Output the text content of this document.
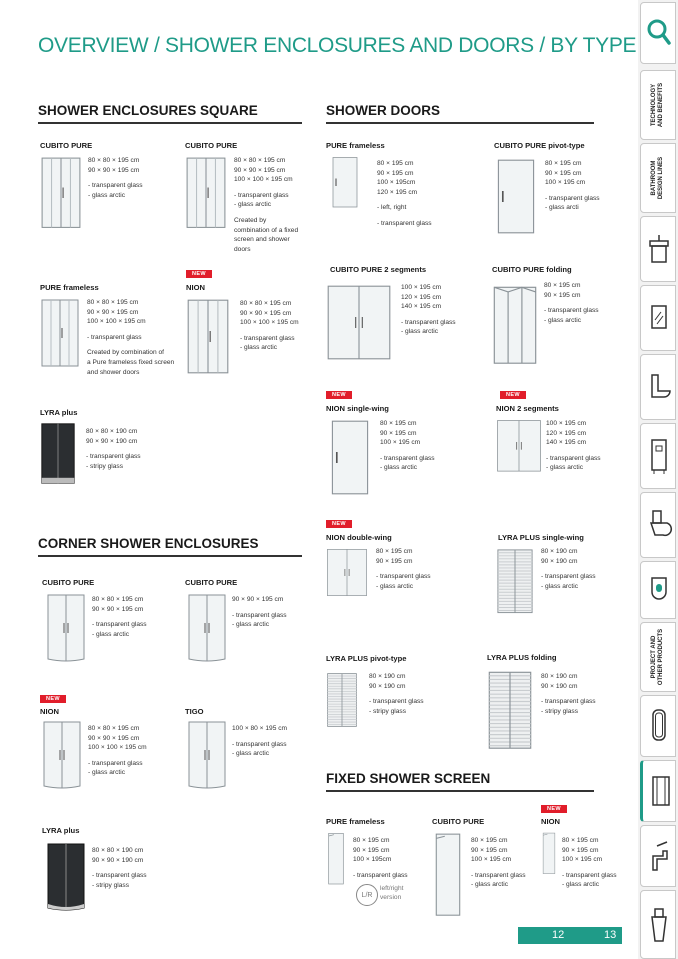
OVERVIEW / SHOWER ENCLOSURES AND DOORS / BY TYPE
SHOWER ENCLOSURES SQUARE	SHOWER DOORS
CORNER SHOWER ENCLOSURES
FIXED SHOWER SCREEN
CUBITO PURE

80 × 80 × 195 cm

90 × 90 × 195 cm

- transparent glass

- glass arctic

CUBITO PURE

80 × 80 × 195 cm

90 × 90 × 195 cm

100 × 100 × 195 cm

- transparent glass

- glass arctic

Created by

combination of a fixed

screen and shower

doors

PURE frameless

80 × 80 × 195 cm

90 × 90 × 195 cm

100 × 100 × 195 cm

- transparent glass

Created by combination of

a Pure frameless fixed screen

and shower doors

NEW
NION

80 × 80 × 195 cm

90 × 90 × 195 cm

100 × 100 × 195 cm

- transparent glass

- glass arctic

LYRA plus

80 × 80 × 190 cm

90 × 90 × 190 cm

- transparent glass

- stripy glass

PURE frameless

80 × 195 cm

90 × 195 cm

100 × 195cm

120 × 195 cm

- left, right

- transparent glass

CUBITO PURE pivot-type

80 × 195 cm

90 × 195 cm

100 × 195 cm

- transparent glass

- glass arcti

CUBITO PURE 2 segments

100 × 195 cm

120 × 195 cm

140 × 195 cm

- transparent glass

- glass arctic

CUBITO PURE folding

80 × 195 cm

90 × 195 cm

- transparent glass

- glass arctic

NEW
NION single-wing

80 × 195 cm

90 × 195 cm

100 × 195 cm

- transparent glass

- glass arctic

NEW
NION 2 segments

100 × 195 cm

120 × 195 cm

140 × 195 cm

- transparent glass

- glass arctic

NEW
NION double-wing

80 × 195 cm

90 × 195 cm

- transparent glass

- glass arctic

LYRA PLUS single-wing

80 × 190 cm

90 × 190 cm

- transparent glass

- glass arctic

LYRA PLUS pivot-type

80 × 190 cm

90 × 190 cm

- transparent glass

- stripy glass

LYRA PLUS folding

80 × 190 cm

90 × 190 cm

- transparent glass

- stripy glass

CUBITO PURE

80 × 80 × 195 cm

90 × 90 × 195 cm

- transparent glass

- glass arctic

CUBITO PURE

90 × 90 × 195 cm

- transparent glass

- glass arctic

NEW
NION

80 × 80 × 195 cm

90 × 90 × 195 cm

100 × 100 × 195 cm

- transparent glass

- glass arctic

TIGO

100 × 80 × 195 cm

- transparent glass

- glass arctic

LYRA plus

80 × 80 × 190 cm

90 × 90 × 190 cm

- transparent glass

- stripy glass

PURE frameless

80 × 195 cm

90 × 195 cm

100 × 195cm

- transparent glass

CUBITO PURE

80 × 195 cm

90 × 195 cm

100 × 195 cm

- transparent glass

- glass arctic

NEW
NION

80 × 195 cm

90 × 195 cm

100 × 195 cm

- transparent glass

- glass arctic

L/R
left/right
version
TECHNOLOGY
AND BENEFITS
BATHROOM
DESIGN LINES
PROJECT AND
OTHER PRODUCTS
12	13
